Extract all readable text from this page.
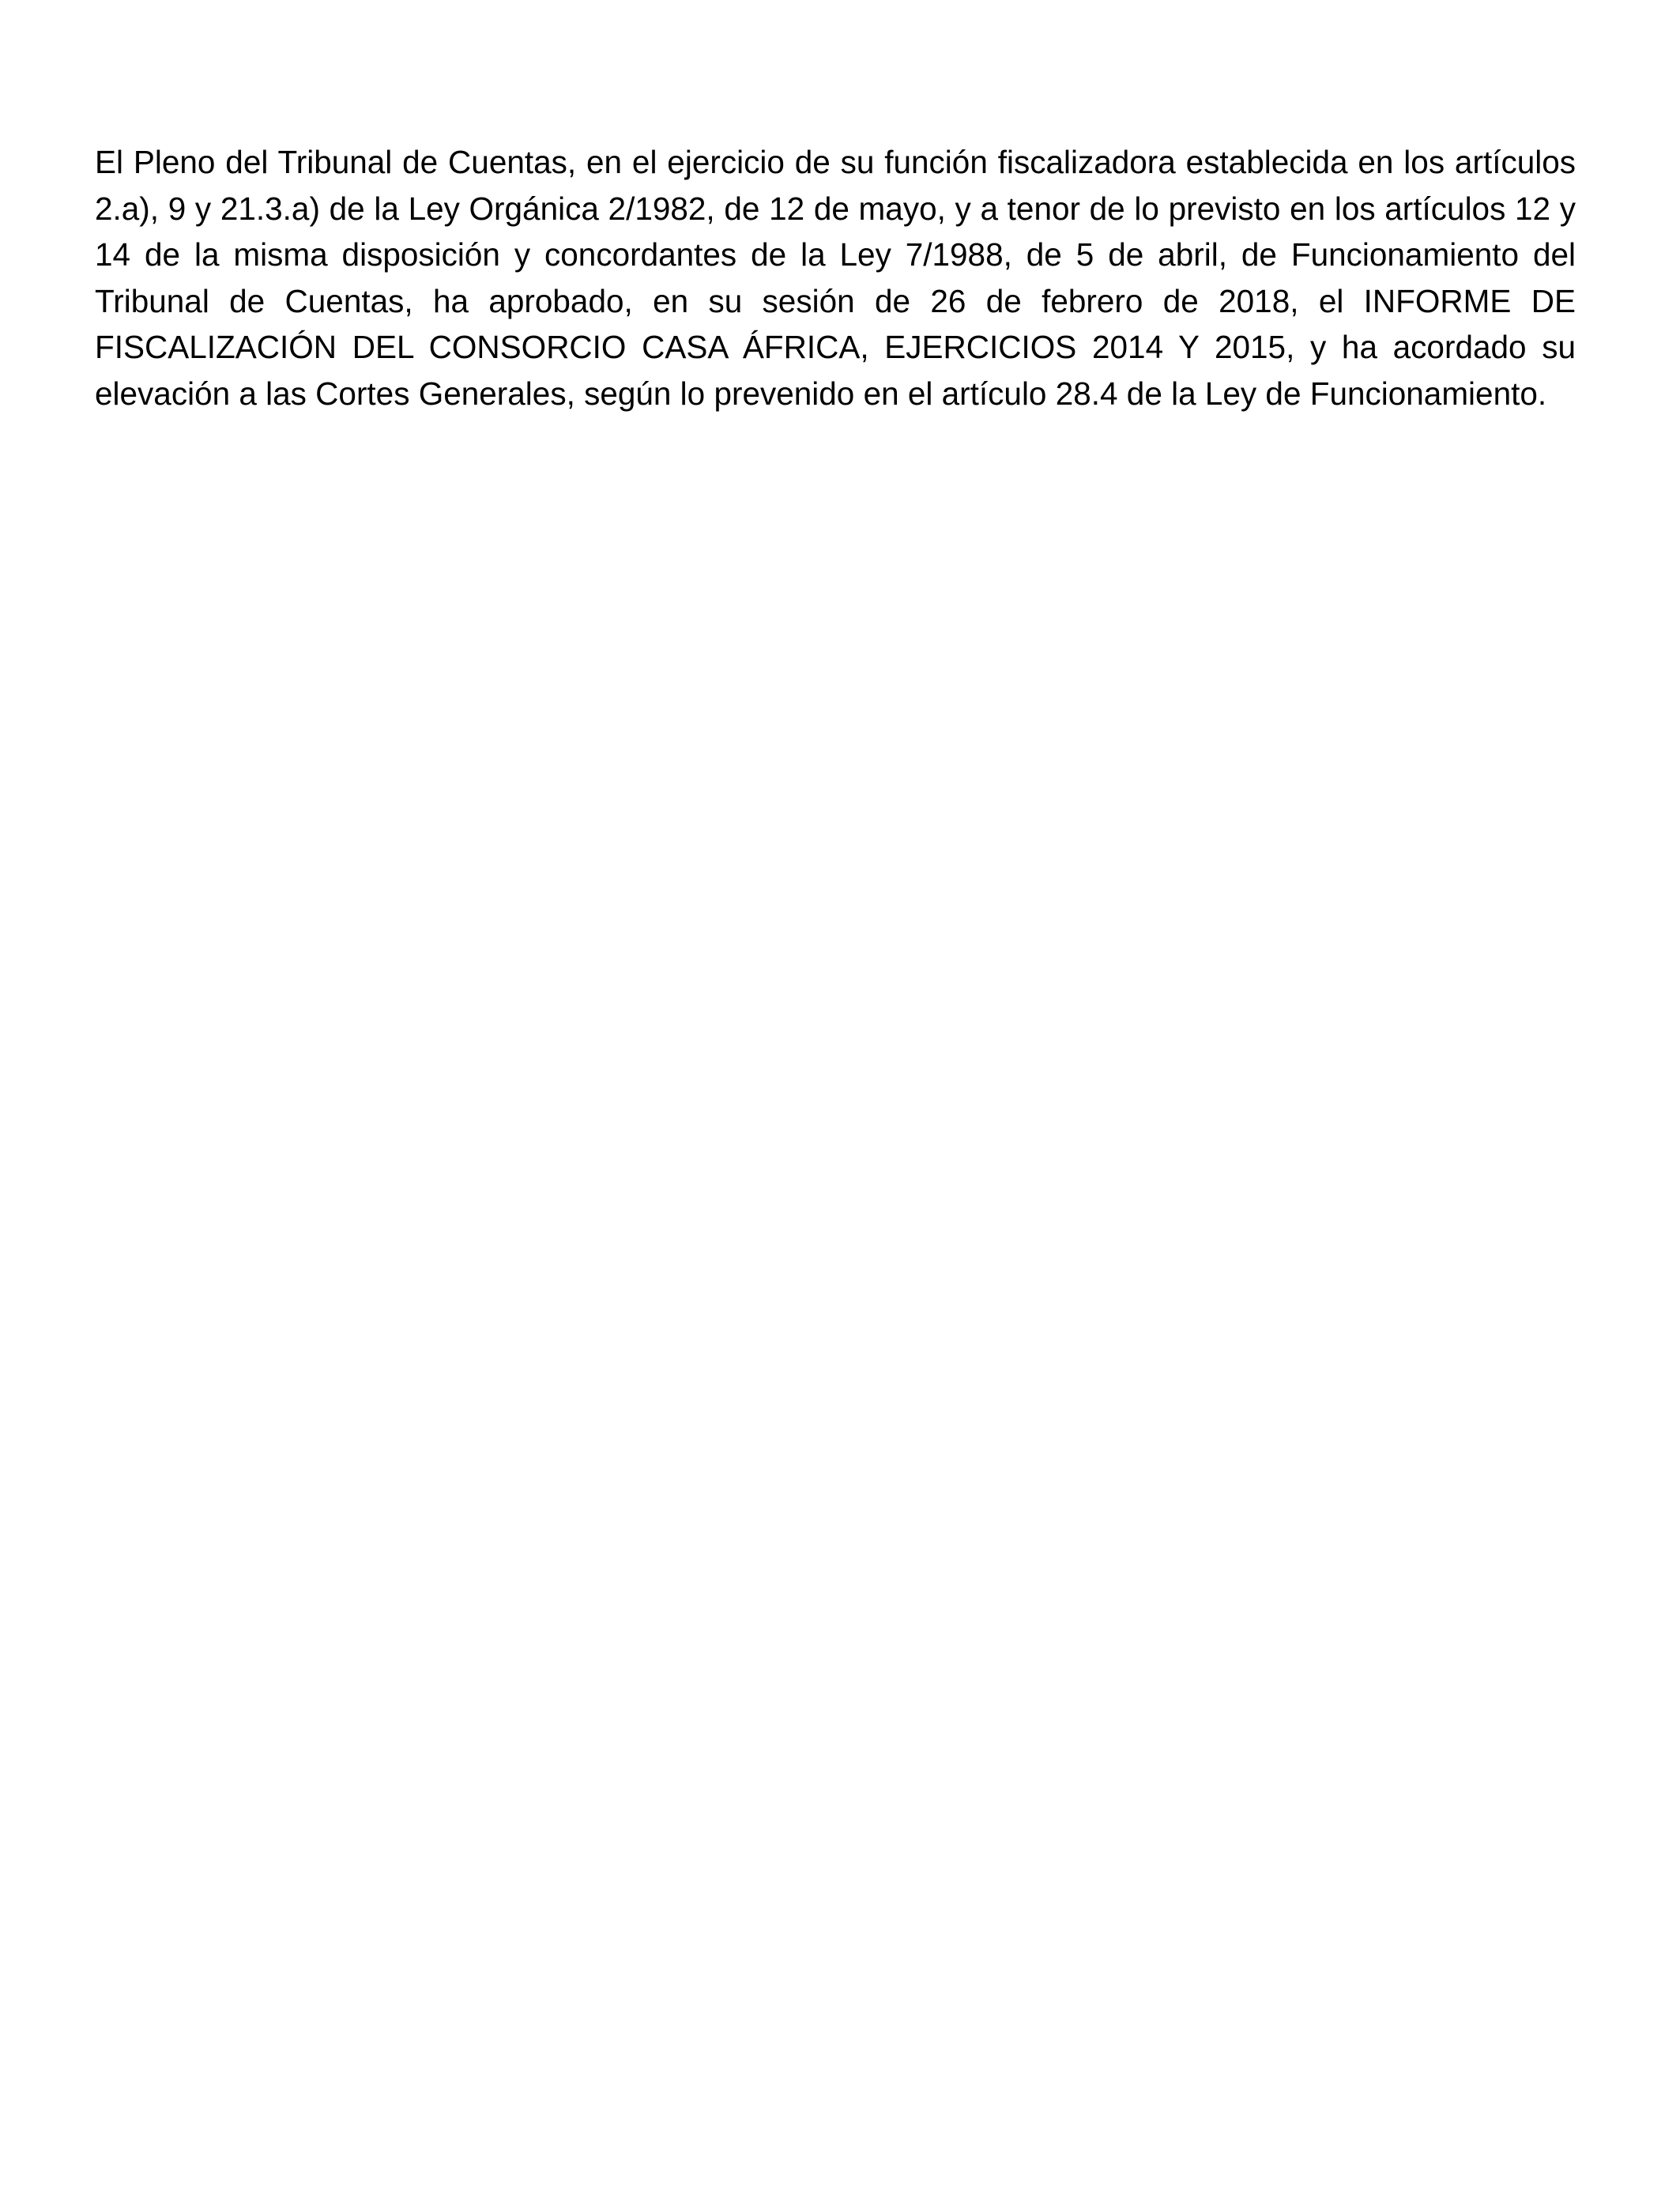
El Pleno del Tribunal de Cuentas, en el ejercicio de su función fiscalizadora establecida en los artículos 2.a), 9 y 21.3.a) de la Ley Orgánica 2/1982, de 12 de mayo, y a tenor de lo previsto en los artículos 12 y 14 de la misma disposición y concordantes de la Ley 7/1988, de 5 de abril, de Funcionamiento del Tribunal de Cuentas, ha aprobado, en su sesión de 26 de febrero de 2018, el INFORME DE FISCALIZACIÓN DEL CONSORCIO CASA ÁFRICA, EJERCICIOS 2014 Y 2015, y ha acordado su elevación a las Cortes Generales, según lo prevenido en el artículo 28.4 de la Ley de Funcionamiento.
